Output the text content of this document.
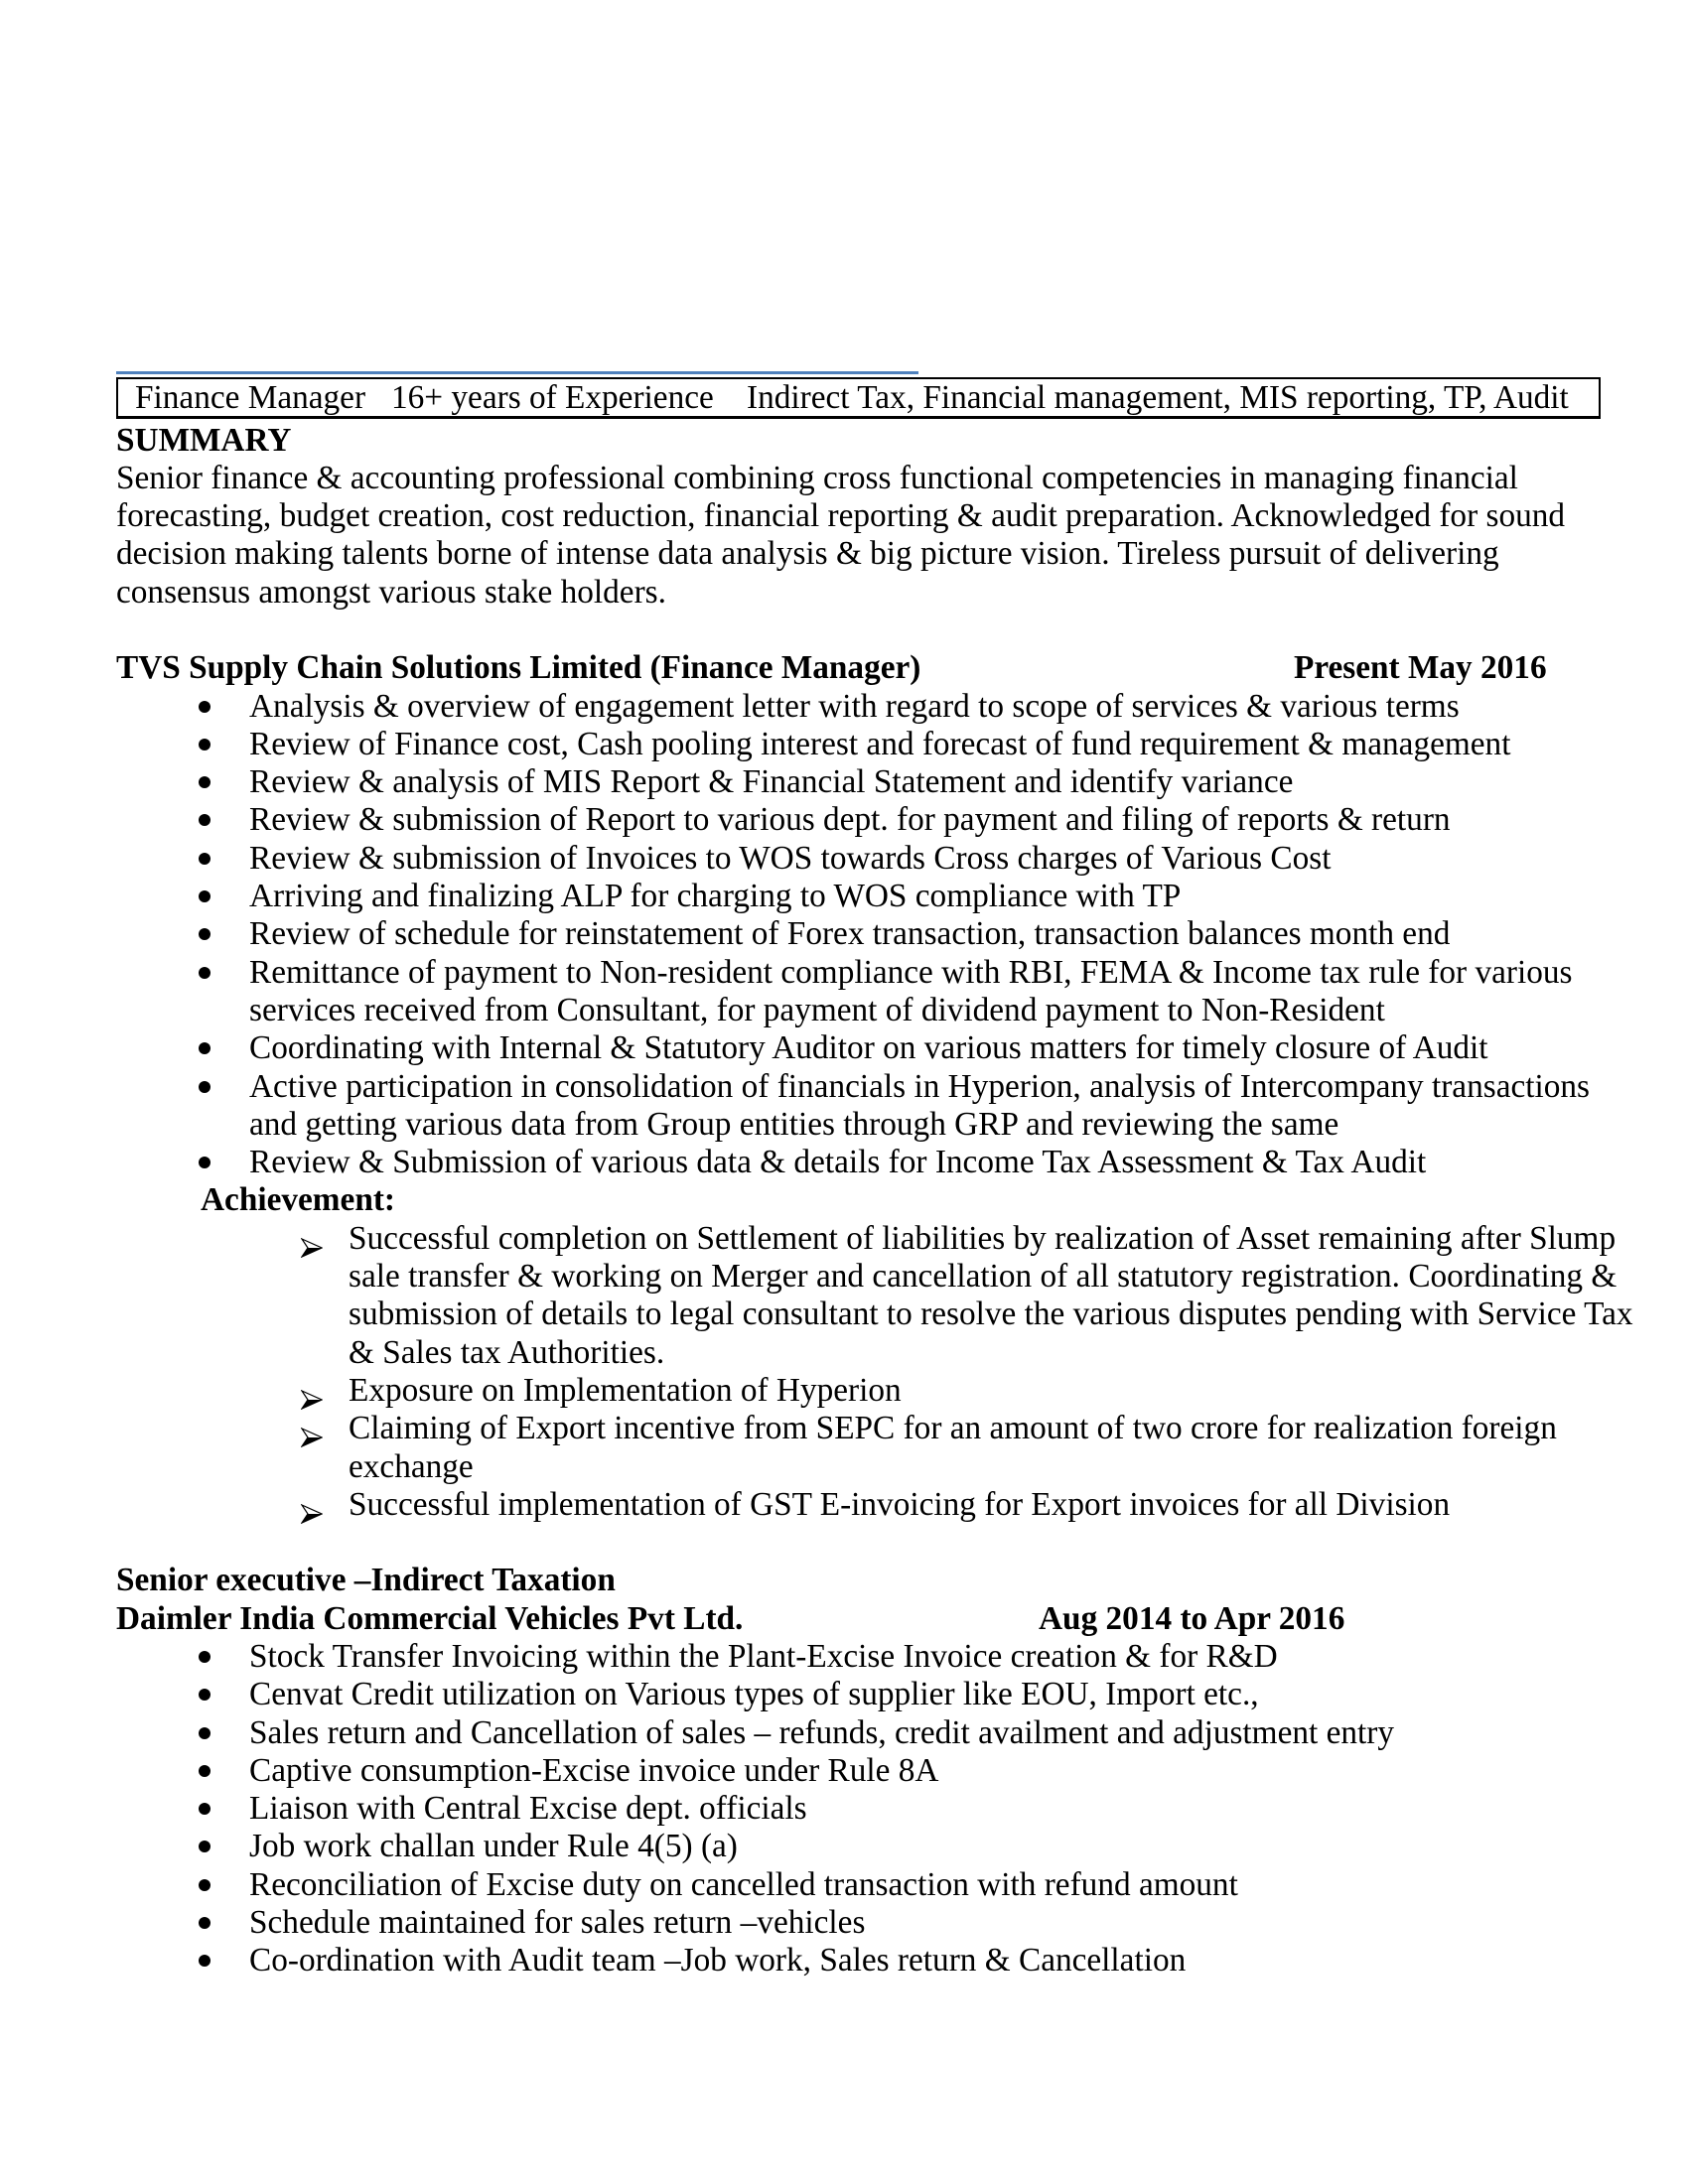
Finance Manager 16+ years of Experience Indirect Tax, Financial management, MIS reporting, TP, Audit
SUMMARY
Senior finance & accounting professional combining cross functional competencies in managing financial
forecasting, budget creation, cost reduction, financial reporting & audit preparation. Acknowledged for sound
decision making talents borne of intense data analysis & big picture vision. Tireless pursuit of delivering
consensus amongst various stake holders.
TVS Supply Chain Solutions Limited (Finance Manager)	Present May 2016
Analysis & overview of engagement letter with regard to scope of services & various terms
Review of Finance cost, Cash pooling interest and forecast of fund requirement & management
Review & analysis of MIS Report & Financial Statement and identify variance
Review & submission of Report to various dept. for payment and filing of reports & return
Review & submission of Invoices to WOS towards Cross charges of Various Cost
Arriving and finalizing ALP for charging to WOS compliance with TP
Review of schedule for reinstatement of Forex transaction, transaction balances month end
Remittance of payment to Non-resident compliance with RBI, FEMA & Income tax rule for various
services received from Consultant, for payment of dividend payment to Non-Resident
Coordinating with Internal & Statutory Auditor on various matters for timely closure of Audit
Active participation in consolidation of financials in Hyperion, analysis of Intercompany transactions
and getting various data from Group entities through GRP and reviewing the same
Review & Submission of various data & details for Income Tax Assessment & Tax Audit
Achievement:
Successful completion on Settlement of liabilities by realization of Asset remaining after Slump
sale transfer & working on Merger and cancellation of all statutory registration. Coordinating &
submission of details to legal consultant to resolve the various disputes pending with Service Tax
& Sales tax Authorities.
Exposure on Implementation of Hyperion
Claiming of Export incentive from SEPC for an amount of two crore for realization foreign
exchange
Successful implementation of GST E-invoicing for Export invoices for all Division
Senior executive –Indirect Taxation
Daimler India Commercial Vehicles Pvt Ltd.	Aug 2014 to Apr 2016
Stock Transfer Invoicing within the Plant-Excise Invoice creation & for R&D
Cenvat Credit utilization on Various types of supplier like EOU, Import etc.,
Sales return and Cancellation of sales – refunds, credit availment and adjustment entry
Captive consumption-Excise invoice under Rule 8A
Liaison with Central Excise dept. officials
Job work challan under Rule 4(5) (a)
Reconciliation of Excise duty on cancelled transaction with refund amount
Schedule maintained for sales return –vehicles
Co-ordination with Audit team –Job work, Sales return & Cancellation
